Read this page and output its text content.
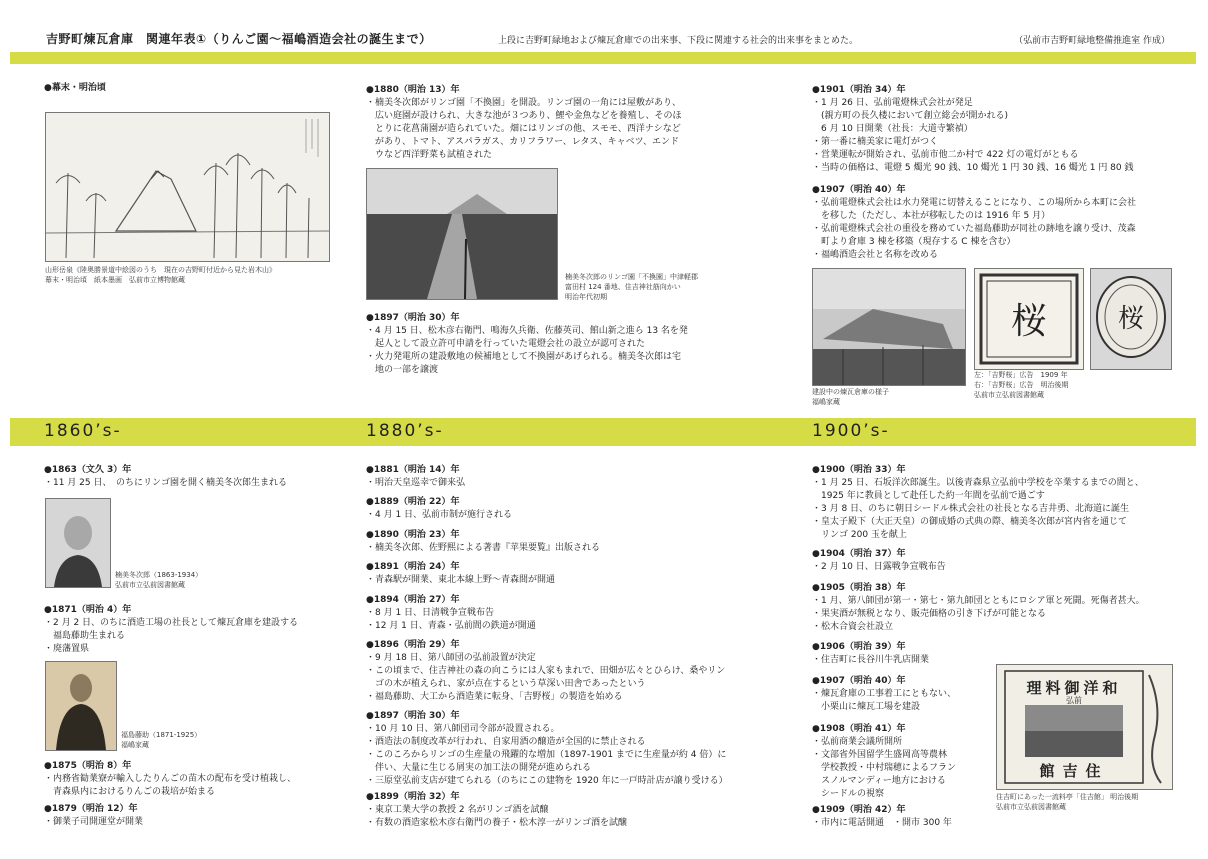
吉野町煉瓦倉庫　関連年表①（りんご園～福嶋酒造会社の誕生まで）	上段に吉野町緑地および煉瓦倉庫での出来事、下段に関連する社会的出来事をまとめた。	（弘前市吉野町緑地整備推進室 作成）
●幕末・明治頃
山形岳泉《陸奥勝景道中絵図のうち　現在の吉野町付近から見た岩木山》
幕末・明治頃　紙本墨画　弘前市立博物館蔵
●1880（明治 13）年
・楠美冬次郎がリンゴ園「不換園」を開設。リンゴ園の一角には屋敷があり、
　広い庭園が設けられ、大きな池が３つあり、鯉や金魚などを養殖し、そのほ
　とりに花菖蒲園が造られていた。畑にはリンゴの他、スモモ、西洋ナシなど
　があり、トマト、アスパラガス、カリフラワー、レタス、キャベツ、エンド
　ウなど西洋野菜も試植された
楠美冬次郎のリンゴ園「不換園」中津軽郡
富田村 124 番地、住吉神社筋向かい
明治年代初期
●1897（明治 30）年
・4 月 15 日、松木彦右衛門、鳴海久兵衛、佐藤英司、館山新之進ら 13 名を発
　起人として設立許可申請を行っていた電燈会社の設立が認可された
・火力発電所の建設敷地の候補地として不換園があげられる。楠美冬次郎は宅
　地の一部を譲渡
●1901（明治 34）年
・1 月 26 日、弘前電燈株式会社が発足
　(親方町の長久楼において創立総会が開かれる)
　6 月 10 日開業（社長：大道寺繁禎）
・第一番に楠美家に電灯がつく
・営業運転が開始され、弘前市他二か村で 422 灯の電灯がともる
・当時の価格は、電燈 5 燭光 90 銭、10 燭光 1 円 30 銭、16 燭光 1 円 80 銭
●1907（明治 40）年
・弘前電燈株式会社は水力発電に切替えることになり、この場所から本町に会社
　を移した（ただし、本社が移転したのは 1916 年 5 月）
・弘前電燈株式会社の重役を務めていた福島藤助が同社の跡地を譲り受け、茂森
　町より倉庫 3 棟を移築（現存する C 棟を含む）
・福嶋酒造会社と名称を改める
桜	桜
建設中の煉瓦倉庫の様子
福嶋家蔵
左：「吉野桜」広告　1909 年
右：「吉野桜」広告　明治後期
弘前市立弘前図書館蔵
1860’s-	1880’s-	1900’s-
●1863（文久 3）年
・11 月 25 日、　のちにリンゴ園を開く楠美冬次郎生まれる
楠美冬次郎（1863-1934）
弘前市立弘前図書館蔵
●1871（明治 4）年
・2 月 2 日、のちに酒造工場の社長として煉瓦倉庫を建設する
　福島藤助生まれる
・廃藩置県
福島藤助（1871-1925）
福嶋家蔵
●1875（明治 8）年
・内務省勧業寮が輸入したりんごの苗木の配布を受け植栽し、
　青森県内におけるりんごの栽培が始まる
●1879（明治 12）年
・御業子司開運堂が開業
●1881（明治 14）年
・明治天皇巡幸で御来弘
●1889（明治 22）年
・4 月 1 日、弘前市制が施行される
●1890（明治 23）年
・楠美冬次郎、佐野熙による著書『苹果要覧』出版される
●1891（明治 24）年
・青森駅が開業、東北本線上野～青森間が開通
●1894（明治 27）年
・8 月 1 日、日清戦争宣戦布告
・12 月 1 日、青森・弘前間の鉄道が開通
●1896（明治 29）年
・9 月 18 日、第八師団の弘前設置が決定
・この頃まで、住吉神社の森の向こうには人家もまれで、田畑が広々とひらけ、桑やリン
　ゴの木が植えられ、家が点在するという草深い田舎であったという
・福島藤助、大工から酒造業に転身、「吉野桜」の製造を始める
●1897（明治 30）年
・10 月 10 日、第八師団司令部が設置される。
・酒造法の制度改革が行われ、自家用酒の醸造が全国的に禁止される
・このころからリンゴの生産量の飛躍的な増加（1897-1901 までに生産量が約 4 倍）に
　伴い、大量に生じる屑実の加工法の開発が進められる
・三原堂弘前支店が建てられる（のちにこの建物を 1920 年に一戸時計店が譲り受ける）
●1899（明治 32）年
・東京工業大学の教授 2 名がリンゴ酒を試醸
・有数の酒造家松木彦右衛門の養子・松木淳一がリンゴ酒を試醸
●1900（明治 33）年
・1 月 25 日、石坂洋次郎誕生。以後青森県立弘前中学校を卒業するまでの間と、
　1925 年に教員として赴任した約一年間を弘前で過ごす
・3 月 8 日、のちに朝日シードル株式会社の社長となる吉井勇、北海道に誕生
・皇太子殿下（大正天皇）の御成婚の式典の際、楠美冬次郎が宮内省を通じて
　リンゴ 200 玉を献上
●1904（明治 37）年
・2 月 10 日、日露戦争宣戦布告
●1905（明治 38）年
・1 月、第八師団が第一・第七・第九師団とともにロシア軍と死闘。死傷者甚大。
・果実酒が無税となり、販売価格の引き下げが可能となる
・松木合資会社設立
●1906（明治 39）年
・住吉町に長谷川牛乳店開業
●1907（明治 40）年
・煉瓦倉庫の工事着工にともない、
　小栗山に煉瓦工場を建設
●1908（明治 41）年
・弘前商業会議所開所
・文部省外国留学生盛岡高等農林
　学校教授・中村瑞穂によるフラン
　スノルマンディー地方における
　シードルの視察
●1909（明治 42）年
・市内に電話開通　・開市 300 年
理料御洋和
弘前
館吉住
住吉町にあった一流料亭「住吉館」 明治後期
弘前市立弘前図書館蔵
